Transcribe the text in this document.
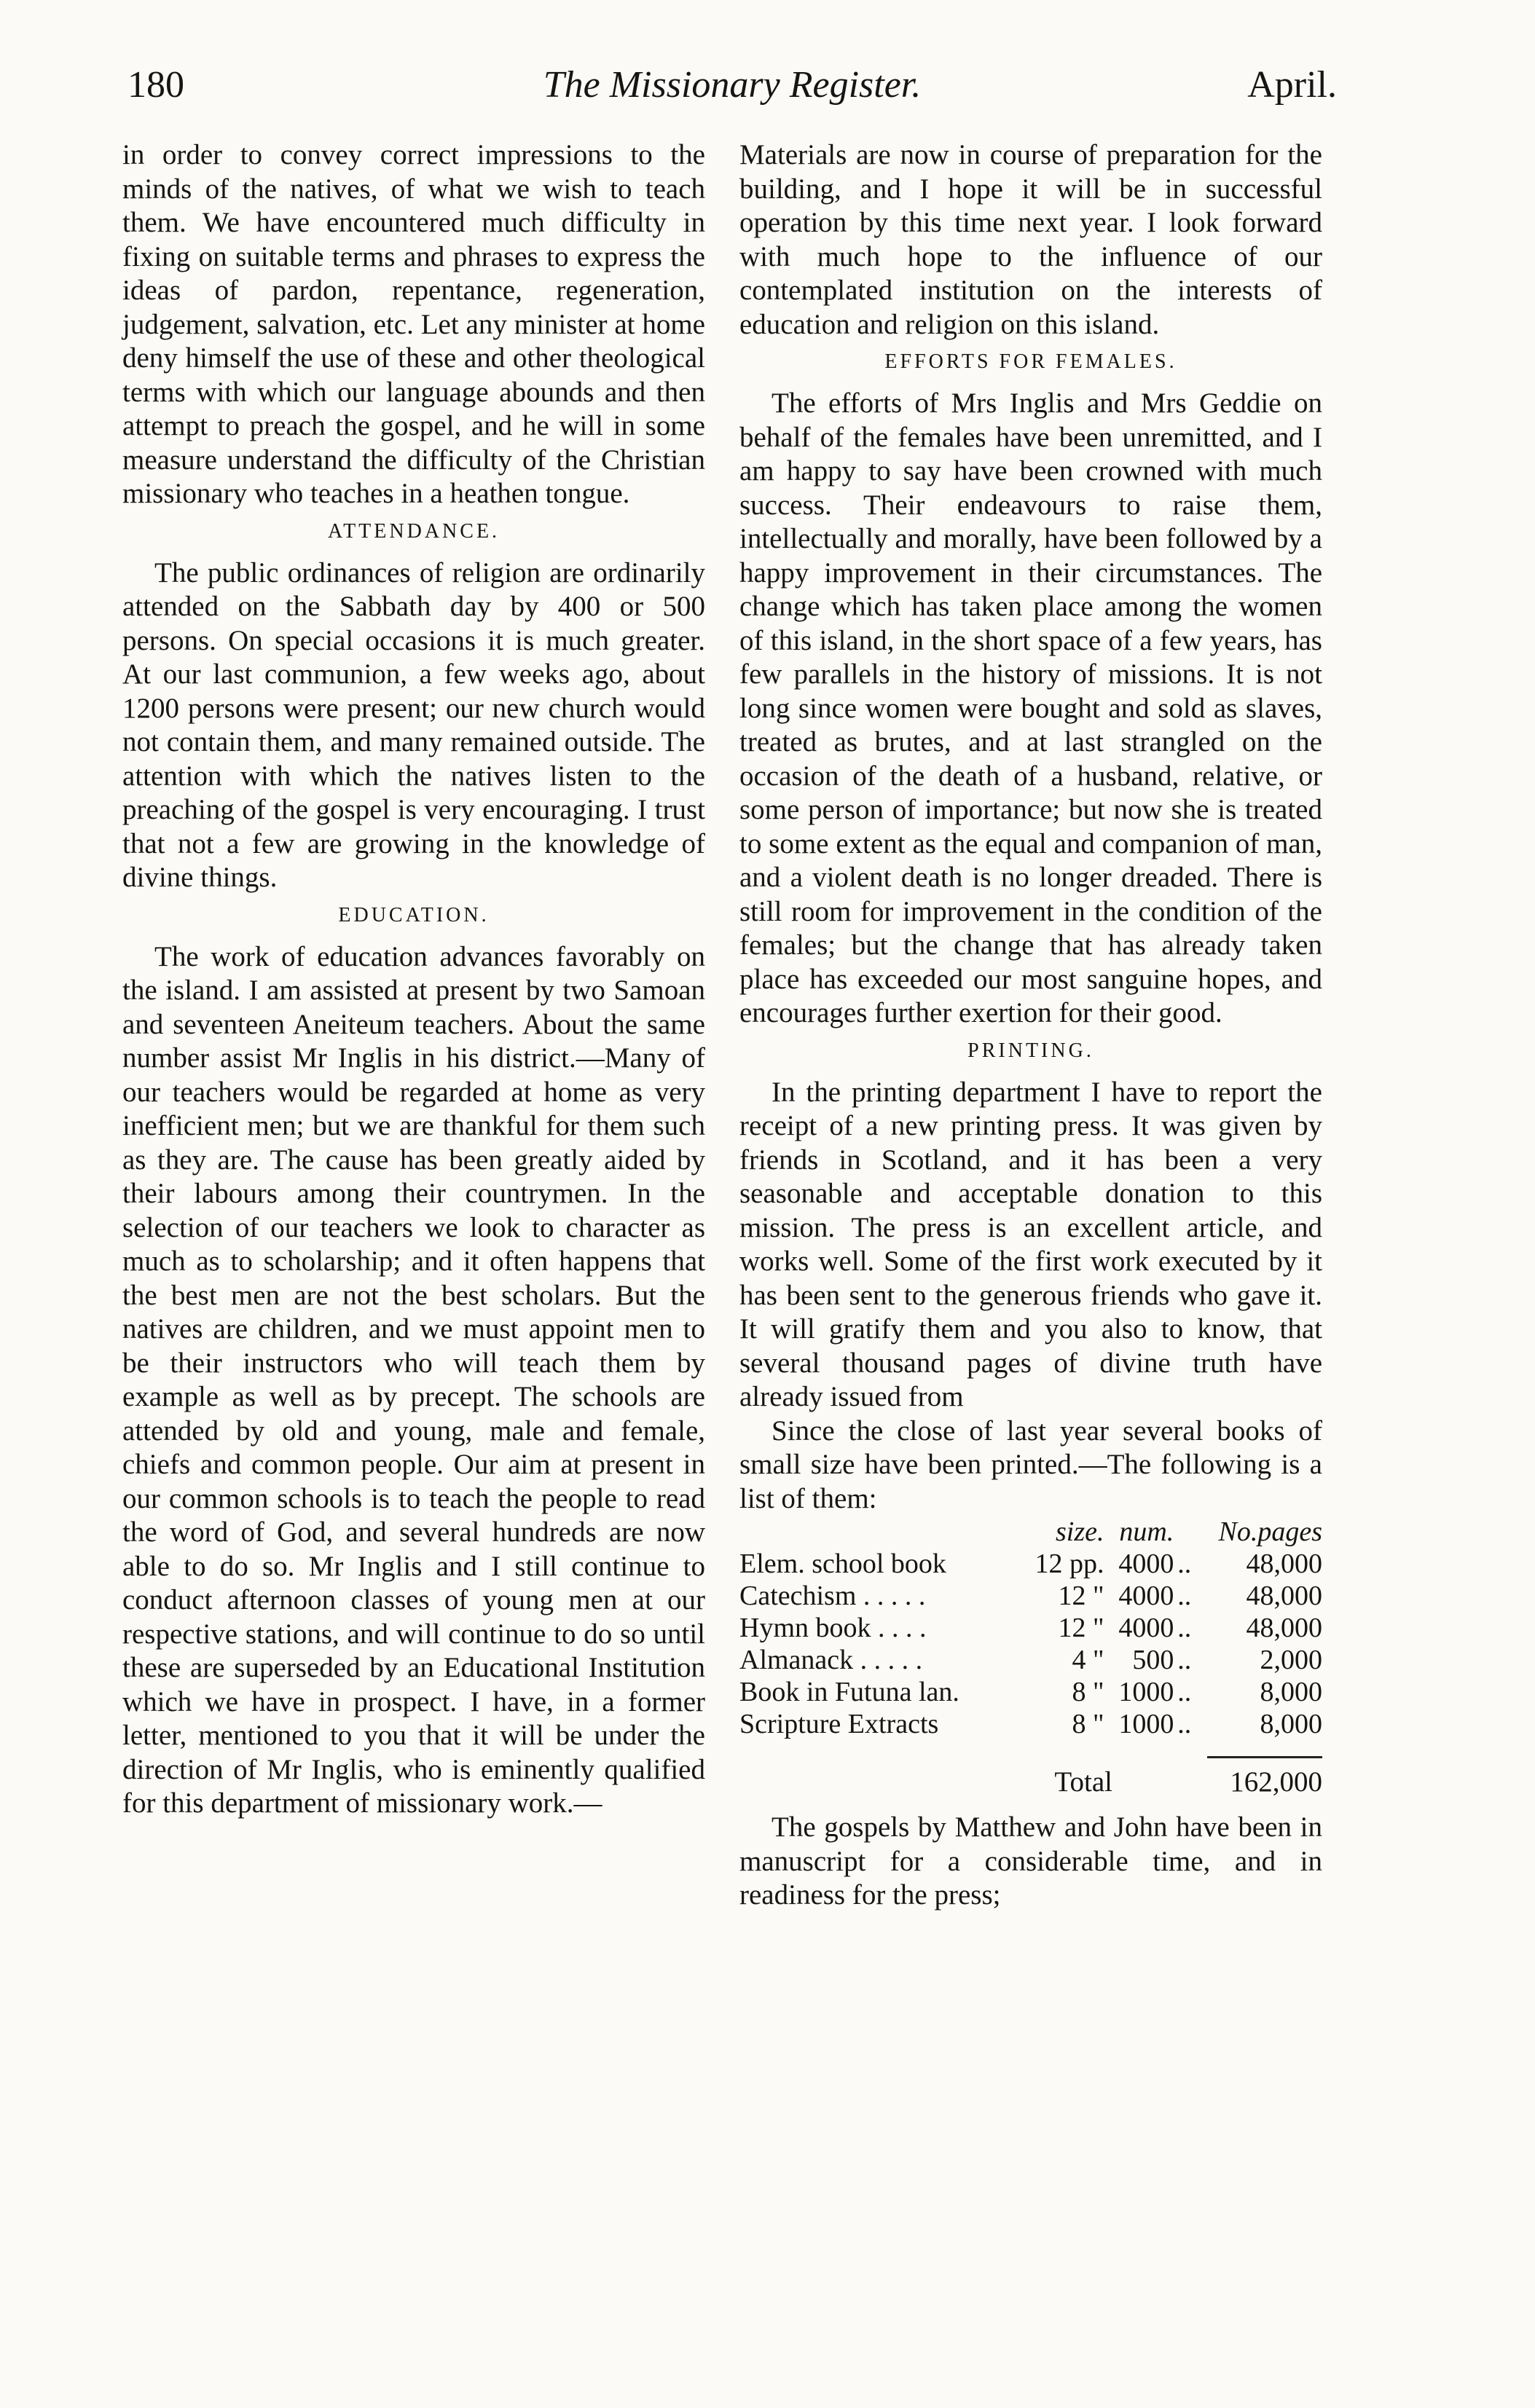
The Missionary Register.
180	April.

in order to convey correct impressions to the minds of the natives, of what we wish to teach them. We have encountered much difficulty in fixing on suitable terms and phrases to express the ideas of pardon, repentance, regeneration, judgement, salvation, etc. Let any minister at home deny himself the use of these and other theological terms with which our language abounds and then attempt to preach the gospel, and he will in some measure understand the difficulty of the Christian missionary who teaches in a heathen tongue.

ATTENDANCE.

The public ordinances of religion are ordinarily attended on the Sabbath day by 400 or 500 persons. On special occasions it is much greater. At our last communion, a few weeks ago, about 1200 persons were present; our new church would not contain them, and many remained outside. The attention with which the natives listen to the preaching of the gospel is very encouraging. I trust that not a few are growing in the knowledge of divine things.

EDUCATION.

The work of education advances favorably on the island. I am assisted at present by two Samoan and seventeen Aneiteum teachers. About the same number assist Mr Inglis in his district.—Many of our teachers would be regarded at home as very inefficient men; but we are thankful for them such as they are. The cause has been greatly aided by their labours among their countrymen. In the selection of our teachers we look to character as much as to scholarship; and it often happens that the best men are not the best scholars. But the natives are children, and we must appoint men to be their instructors who will teach them by example as well as by precept. The schools are attended by old and young, male and female, chiefs and common people. Our aim at present in our common schools is to teach the people to read the word of God, and several hundreds are now able to do so. Mr Inglis and I still continue to conduct afternoon classes of young men at our respective stations, and will continue to do so until these are superseded by an Educational Institution which we have in prospect. I have, in a former letter, mentioned to you that it will be under the direction of Mr Inglis, who is eminently qualified for this department of missionary work.—

Materials are now in course of preparation for the building, and I hope it will be in successful operation by this time next year. I look forward with much hope to the influence of our contemplated institution on the interests of education and religion on this island.

EFFORTS FOR FEMALES.

The efforts of Mrs Inglis and Mrs Geddie on behalf of the females have been unremitted, and I am happy to say have been crowned with much success. Their endeavours to raise them, intellectually and morally, have been followed by a happy improvement in their circumstances. The change which has taken place among the women of this island, in the short space of a few years, has few parallels in the history of missions. It is not long since women were bought and sold as slaves, treated as brutes, and at last strangled on the occasion of the death of a husband, relative, or some person of importance; but now she is treated to some extent as the equal and companion of man, and a violent death is no longer dreaded. There is still room for improvement in the condition of the females; but the change that has already taken place has exceeded our most sanguine hopes, and encourages further exertion for their good.

PRINTING.

In the printing department I have to report the receipt of a new printing press. It was given by friends in Scotland, and it has been a very seasonable and acceptable donation to this mission. The press is an excellent article, and works well. Some of the first work executed by it has been sent to the generous friends who gave it. It will gratify them and you also to know, that several thousand pages of divine truth have already issued from

Since the close of last year several books of small size have been printed.—The following is a list of them:

	size.	num.		No.pages
Elem. school book	12 pp.	4000	..	48,000
Catechism . . . . .	12 "	4000	..	48,000
Hymn book . . . .	12 "	4000	..	48,000
Almanack . . . . .	4 "	500	..	2,000
Book in Futuna lan.	8 "	1000	..	8,000
Scripture Extracts	8 "	1000	..	8,000
Total	162,000

The gospels by Matthew and John have been in manuscript for a considerable time, and in readiness for the press;
